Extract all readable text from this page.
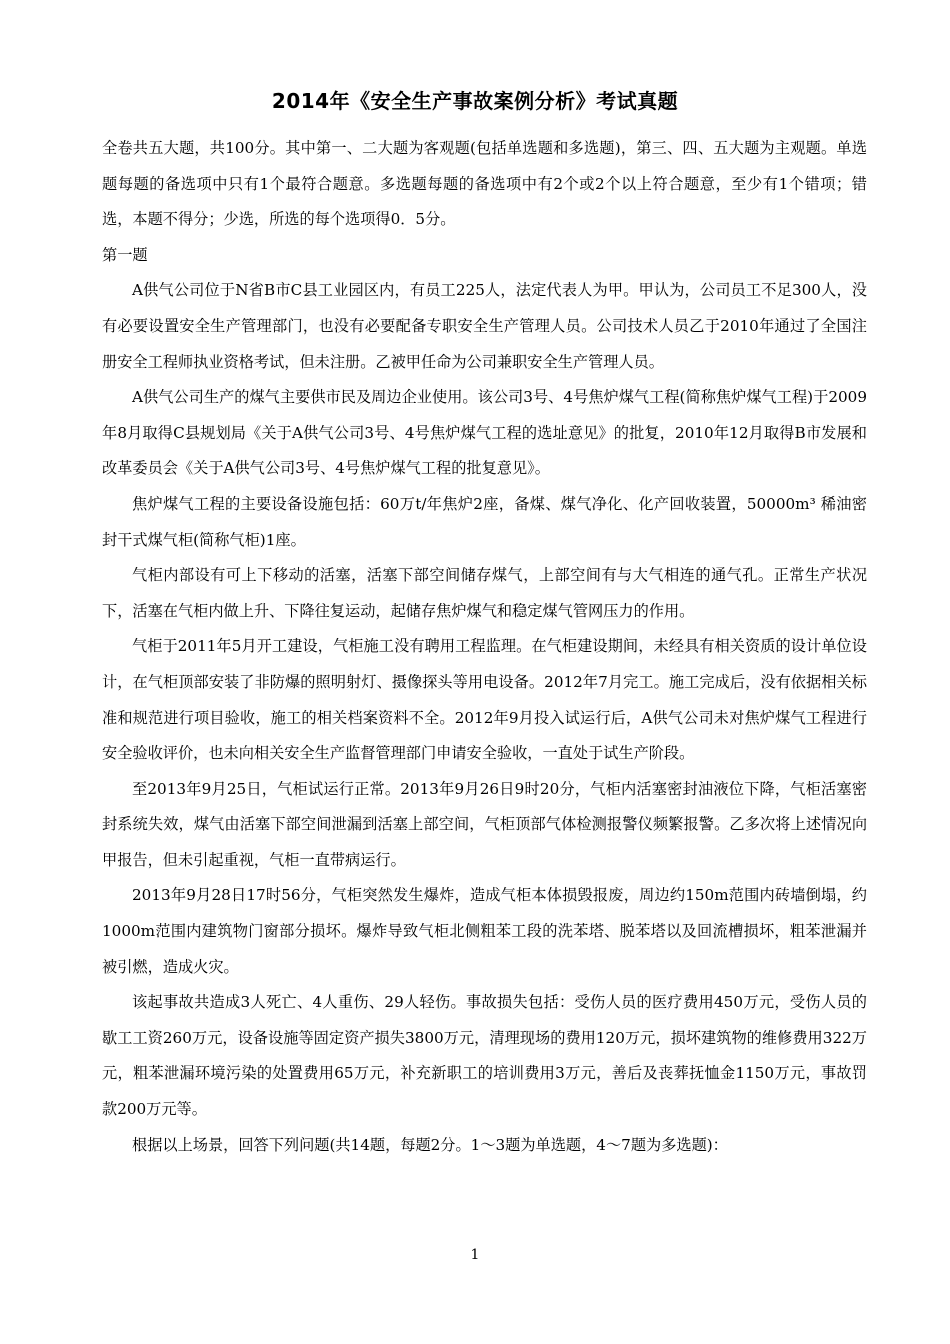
2014年《安全生产事故案例分析》考试真题

全卷共五大题，共100分。其中第一、二大题为客观题(包括单选题和多选题)，第三、四、五大题为主观题。单选题每题的备选项中只有1个最符合题意。多选题每题的备选项中有2个或2个以上符合题意，至少有1个错项；错选，本题不得分；少选，所选的每个选项得0．5分。

第一题

A供气公司位于N省B市C县工业园区内，有员工225人，法定代表人为甲。甲认为，公司员工不足300人，没有必要设置安全生产管理部门，也没有必要配备专职安全生产管理人员。公司技术人员乙于2010年通过了全国注册安全工程师执业资格考试，但未注册。乙被甲任命为公司兼职安全生产管理人员。

A供气公司生产的煤气主要供市民及周边企业使用。该公司3号、4号焦炉煤气工程(简称焦炉煤气工程)于2009年8月取得C县规划局《关于A供气公司3号、4号焦炉煤气工程的选址意见》的批复，2010年12月取得B市发展和改革委员会《关于A供气公司3号、4号焦炉煤气工程的批复意见》。

焦炉煤气工程的主要设备设施包括：60万t/年焦炉2座，备煤、煤气净化、化产回收装置，50000m³ 稀油密封干式煤气柜(简称气柜)1座。

气柜内部设有可上下移动的活塞，活塞下部空间储存煤气，上部空间有与大气相连的通气孔。正常生产状况下，活塞在气柜内做上升、下降往复运动，起储存焦炉煤气和稳定煤气管网压力的作用。

气柜于2011年5月开工建设，气柜施工没有聘用工程监理。在气柜建设期间，未经具有相关资质的设计单位设计，在气柜顶部安装了非防爆的照明射灯、摄像探头等用电设备。2012年7月完工。施工完成后，没有依据相关标准和规范进行项目验收，施工的相关档案资料不全。2012年9月投入试运行后，A供气公司未对焦炉煤气工程进行安全验收评价，也未向相关安全生产监督管理部门申请安全验收，一直处于试生产阶段。

至2013年9月25日，气柜试运行正常。2013年9月26日9时20分，气柜内活塞密封油液位下降，气柜活塞密封系统失效，煤气由活塞下部空间泄漏到活塞上部空间，气柜顶部气体检测报警仪频繁报警。乙多次将上述情况向甲报告，但未引起重视，气柜一直带病运行。

2013年9月28日17时56分，气柜突然发生爆炸，造成气柜本体损毁报废，周边约150m范围内砖墙倒塌，约1000m范围内建筑物门窗部分损坏。爆炸导致气柜北侧粗苯工段的洗苯塔、脱苯塔以及回流槽损坏，粗苯泄漏并被引燃，造成火灾。

该起事故共造成3人死亡、4人重伤、29人轻伤。事故损失包括：受伤人员的医疗费用450万元，受伤人员的歇工工资260万元，设备设施等固定资产损失3800万元，清理现场的费用120万元，损坏建筑物的维修费用322万元，粗苯泄漏环境污染的处置费用65万元，补充新职工的培训费用3万元，善后及丧葬抚恤金1150万元，事故罚款200万元等。

根据以上场景，回答下列问题(共14题，每题2分。1～3题为单选题，4～7题为多选题)：

1
